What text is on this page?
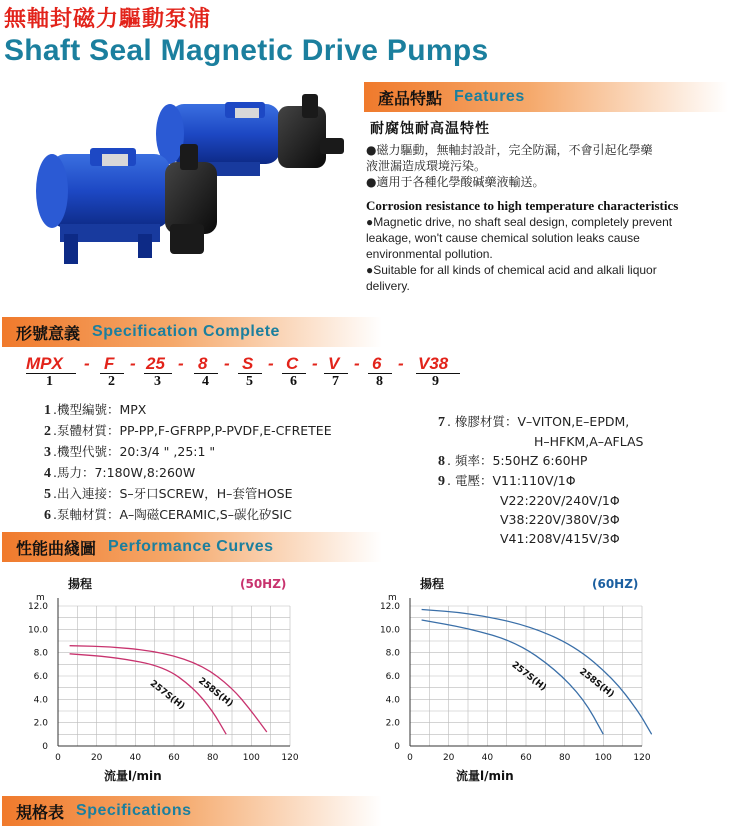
無軸封磁力驅動泵浦
Shaft Seal Magnetic Drive Pumps
產品特點 Features
耐腐蚀耐高温特性
●磁力驅動，無軸封設計，完全防漏，不會引起化學藥
液泄漏造成環境污染。
●適用于各種化學酸碱藥液輸送。
Corrosion resistance to high temperature characteristics
●Magnetic drive, no shaft seal design, completely prevent
leakage, won't cause chemical solution leaks cause
environmental pollution.
●Suitable for all kinds of chemical acid and alkali liquor
delivery.
形號意義 Specification Complete
MPX - F - 25 - 8 - S - C - V - 6 - V38
1	2	3	4	5	6	7	8	9
1 .機型編號：MPX
2 .泵體材質：PP-PP,F-GFRPP,P-PVDF,E-CFRETEE
3 .機型代號：20:3/4 " ,25:1 "
4 .馬力：7:180W,8:260W
5 .出入連接：S–牙口SCREW，H–套管HOSE
6 .泵軸材質：A–陶磁CERAMIC,S–碳化矽SIC
7 . 橡膠材質：V–VITON,E–EPDM,
H–HFKM,A–AFLAS
8 . 頻率：5:50HZ 6:60HP
9 . 電壓：V11:110V/1Φ
V22:220V/240V/1Φ
V38:220V/380V/3Φ
V41:208V/415V/3Φ
性能曲綫圖 Performance Curves
揚程
m
(50HZ)
流量l/min
0	20	40	60	80	100 120
0
2.0
4.0
6.0
8.0
10.0
12.0
258S(H)
257S(H)
揚程
m
(60HZ)
流量l/min
0	20	40	60	80	100 120
0
2.0
4.0
6.0
8.0
10.0
12.0
258S(H)
257S(H)
規格表 Specifications
